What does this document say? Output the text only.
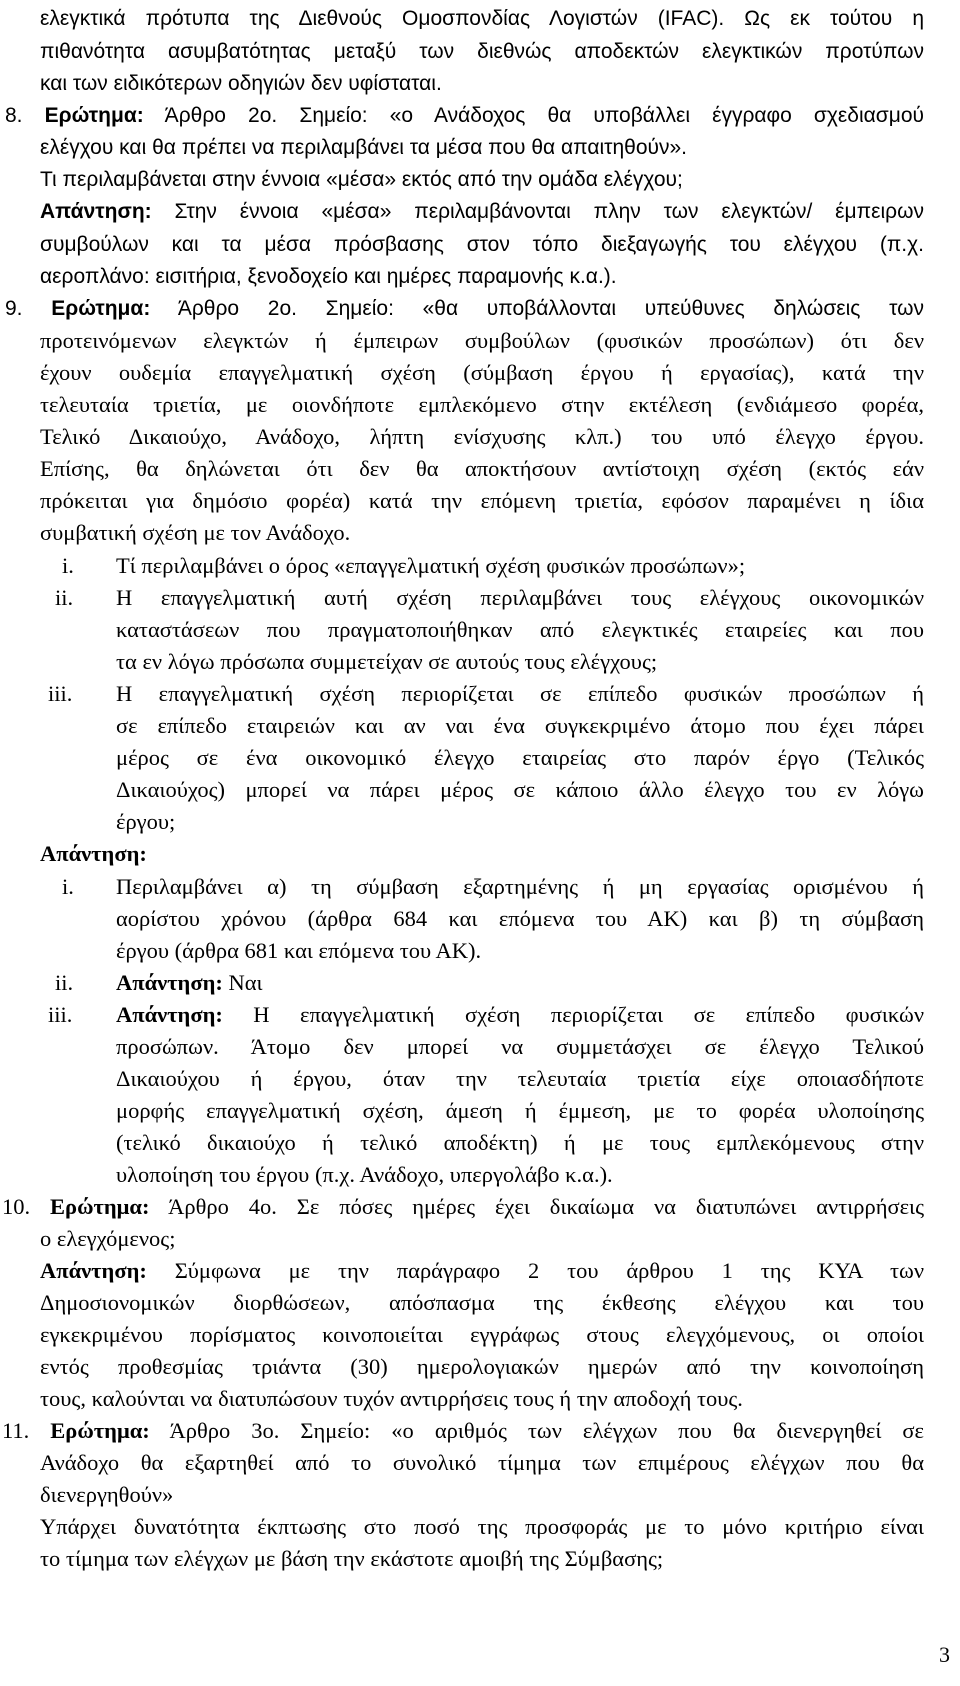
3
ελεγκτικά πρότυπα της Διεθνούς Ομοσπονδίας Λογιστών (IFAC). Ως εκ τούτου η
πιθανότητα ασυμβατότητας μεταξύ των διεθνώς αποδεκτών ελεγκτικών προτύπων
και των ειδικότερων οδηγιών δεν υφίσταται.
8. Ερώτημα: Άρθρο 2ο. Σημείο: «ο Ανάδοχος θα υποβάλλει έγγραφο σχεδιασμού
ελέγχου και θα πρέπει να περιλαμβάνει τα μέσα που θα απαιτηθούν».
Τι περιλαμβάνεται στην έννοια «μέσα» εκτός από την ομάδα ελέγχου;
Απάντηση: Στην έννοια «μέσα» περιλαμβάνονται πλην των ελεγκτών/ έμπειρων
συμβούλων και τα μέσα πρόσβασης στον τόπο διεξαγωγής του ελέγχου (π.χ.
αεροπλάνο: εισιτήρια, ξενοδοχείο και ημέρες παραμονής κ.α.).
9. Ερώτημα: Άρθρο 2ο. Σημείο: «θα υποβάλλονται υπεύθυνες δηλώσεις των
προτεινόμενων ελεγκτών ή έμπειρων συμβούλων (φυσικών προσώπων) ότι δεν
έχουν ουδεμία επαγγελματική σχέση (σύμβαση έργου ή εργασίας), κατά την
τελευταία τριετία, με οιονδήποτε εμπλεκόμενο στην εκτέλεση (ενδιάμεσο φορέα,
Τελικό Δικαιούχο, Ανάδοχο, λήπτη ενίσχυσης κλπ.) του υπό έλεγχο έργου.
Επίσης, θα δηλώνεται ότι δεν θα αποκτήσουν αντίστοιχη σχέση (εκτός εάν
πρόκειται για δημόσιο φορέα) κατά την επόμενη τριετία, εφόσον παραμένει η ίδια
συμβατική σχέση με τον Ανάδοχο.
i.	Τί περιλαμβάνει ο όρος «επαγγελματική σχέση φυσικών προσώπων»;
ii.	Η επαγγελματική αυτή σχέση περιλαμβάνει τους ελέγχους οικονομικών
καταστάσεων που πραγματοποιήθηκαν από ελεγκτικές εταιρείες και που
τα εν λόγω πρόσωπα συμμετείχαν σε αυτούς τους ελέγχους;
iii.	Η επαγγελματική σχέση περιορίζεται σε επίπεδο φυσικών προσώπων ή
σε επίπεδο εταιρειών και αν ναι ένα συγκεκριμένο άτομο που έχει πάρει
μέρος σε ένα οικονομικό έλεγχο εταιρείας στο παρόν έργο (Τελικός
Δικαιούχος) μπορεί να πάρει μέρος σε κάποιο άλλο έλεγχο του εν λόγω
έργου;
Απάντηση:
i.	Περιλαμβάνει α) τη σύμβαση εξαρτημένης ή μη εργασίας ορισμένου ή
αορίστου χρόνου (άρθρα 684 και επόμενα του ΑΚ) και β) τη σύμβαση
έργου (άρθρα 681 και επόμενα του ΑΚ).
ii.	Απάντηση: Ναι
iii.	Απάντηση: Η επαγγελματική σχέση περιορίζεται σε επίπεδο φυσικών
προσώπων. Άτομο δεν μπορεί να συμμετάσχει σε έλεγχο Τελικού
Δικαιούχου ή έργου, όταν την τελευταία τριετία είχε οποιασδήποτε
μορφής επαγγελματική σχέση, άμεση ή έμμεση, με το φορέα υλοποίησης
(τελικό δικαιούχο ή τελικό αποδέκτη) ή με τους εμπλεκόμενους στην
υλοποίηση του έργου (π.χ. Ανάδοχο, υπεργολάβο κ.α.).
10. Ερώτημα: Άρθρο 4ο. Σε πόσες ημέρες έχει δικαίωμα να διατυπώνει αντιρρήσεις
ο ελεγχόμενος;
Απάντηση: Σύμφωνα με την παράγραφο 2 του άρθρου 1 της ΚΥΑ των
Δημοσιονομικών διορθώσεων, απόσπασμα της έκθεσης ελέγχου και του
εγκεκριμένου πορίσματος κοινοποιείται εγγράφως στους ελεγχόμενους, οι οποίοι
εντός προθεσμίας τριάντα (30) ημερολογιακών ημερών από την κοινοποίηση
τους, καλούνται να διατυπώσουν τυχόν αντιρρήσεις τους ή την αποδοχή τους.
11. Ερώτημα: Άρθρο 3ο. Σημείο: «ο αριθμός των ελέγχων που θα διενεργηθεί σε
Ανάδοχο θα εξαρτηθεί από το συνολικό τίμημα των επιμέρους ελέγχων που θα
διενεργηθούν»
Υπάρχει δυνατότητα έκπτωσης στο ποσό της προσφοράς με το μόνο κριτήριο είναι
το τίμημα των ελέγχων με βάση την εκάστοτε αμοιβή της Σύμβασης;
